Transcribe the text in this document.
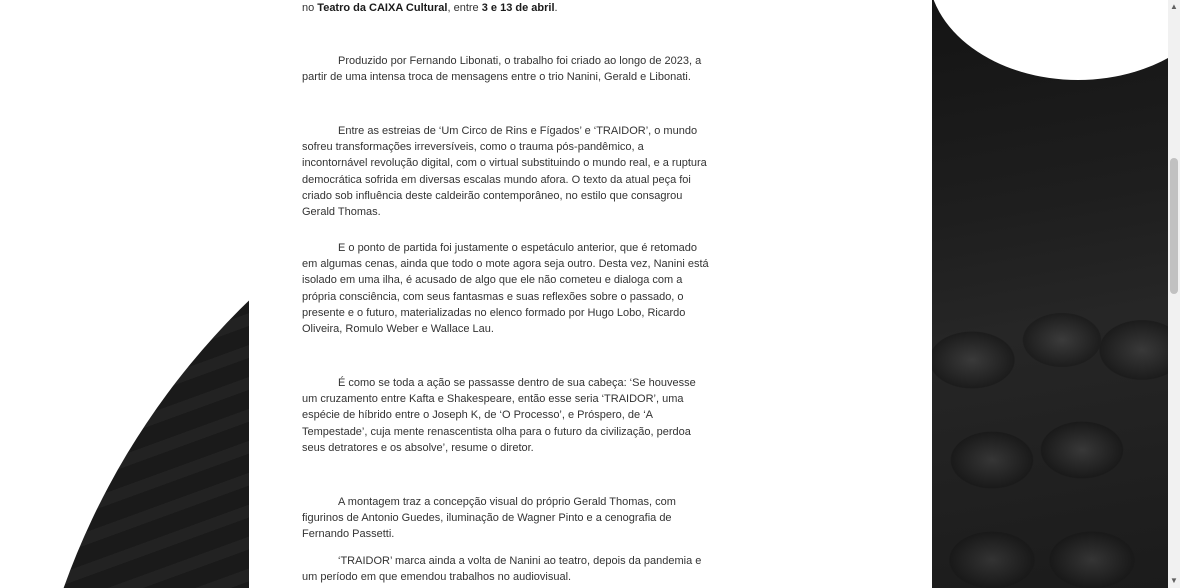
no Teatro da CAIXA Cultural, entre 3 e 13 de abril.

Produzido por Fernando Libonati, o trabalho foi criado ao longo de 2023, a partir de uma intensa troca de mensagens entre o trio Nanini, Gerald e Libonati.

Entre as estreias de ‘Um Circo de Rins e Fígados’ e ‘TRAIDOR’, o mundo sofreu transformações irreversíveis, como o trauma pós-pandêmico, a incontornável revolução digital, com o virtual substituindo o mundo real, e a ruptura democrática sofrida em diversas escalas mundo afora. O texto da atual peça foi criado sob influência deste caldeirão contemporâneo, no estilo que consagrou Gerald Thomas.

E o ponto de partida foi justamente o espetáculo anterior, que é retomado em algumas cenas, ainda que todo o mote agora seja outro. Desta vez, Nanini está isolado em uma ilha, é acusado de algo que ele não cometeu e dialoga com a própria consciência, com seus fantasmas e suas reflexões sobre o passado, o presente e o futuro, materializadas no elenco formado por Hugo Lobo, Ricardo Oliveira, Romulo Weber e Wallace Lau.

É como se toda a ação se passasse dentro de sua cabeça: ‘Se houvesse um cruzamento entre Kafta e Shakespeare, então esse seria ‘TRAIDOR’, uma espécie de híbrido entre o Joseph K, de ‘O Processo’, e Próspero, de ‘A Tempestade’, cuja mente renascentista olha para o futuro da civilização, perdoa seus detratores e os absolve’, resume o diretor.

A montagem traz a concepção visual do próprio Gerald Thomas, com figurinos de Antonio Guedes, iluminação de Wagner Pinto e a cenografia de Fernando Passetti.

‘TRAIDOR’ marca ainda a volta de Nanini ao teatro, depois da pandemia e um período em que emendou trabalhos no audiovisual.

▲
▼
